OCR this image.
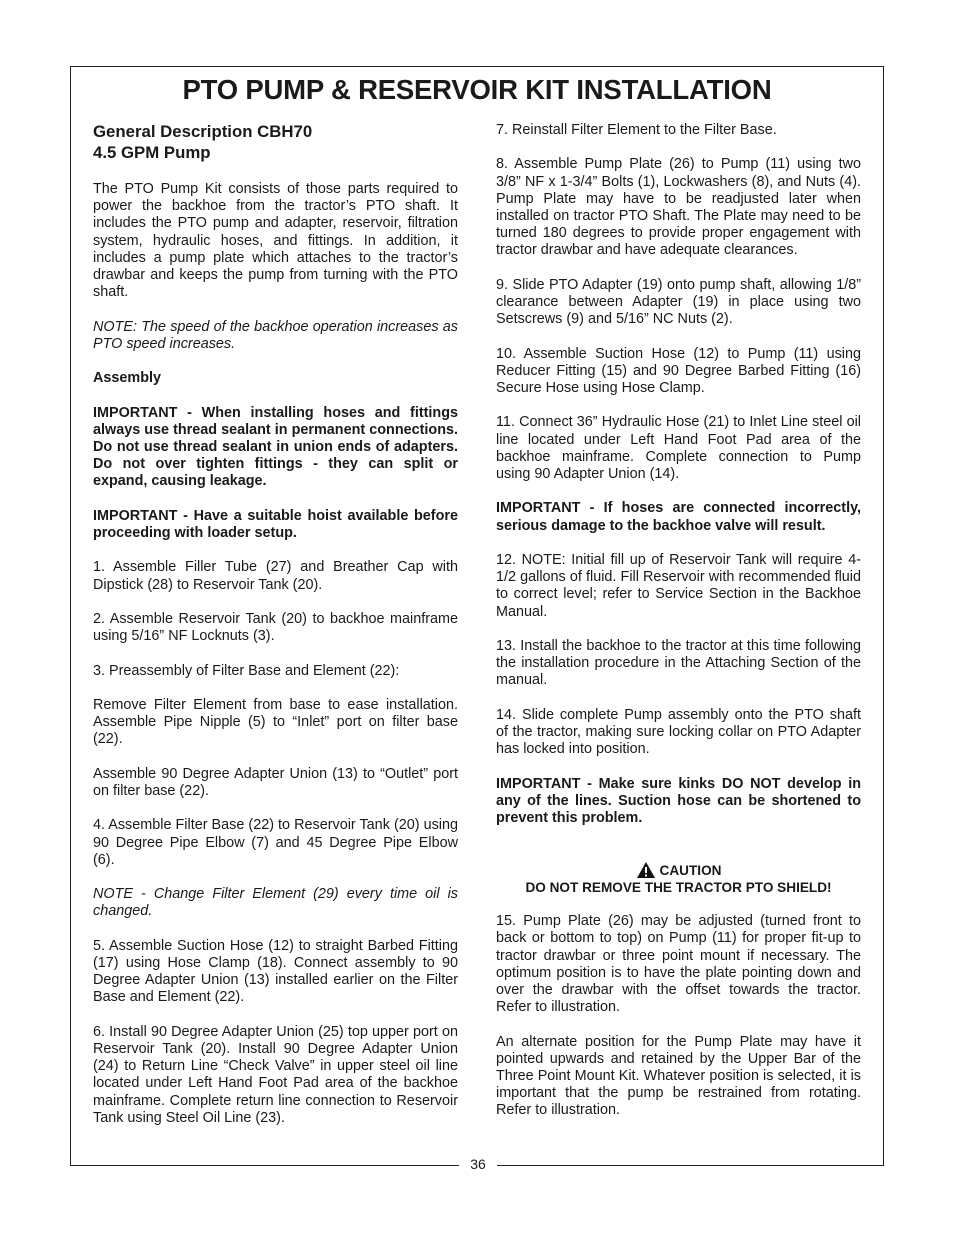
36
PTO PUMP & RESERVOIR KIT INSTALLATION
General Description CBH70
4.5 GPM Pump

The PTO Pump Kit consists of those parts required to power the backhoe from the tractor’s PTO shaft. It includes the PTO pump and adapter, reservoir, filtration system, hydraulic hoses, and fittings. In addition, it includes a pump plate which attaches to the tractor’s drawbar and keeps the pump from turning with the PTO shaft.

NOTE: The speed of the backhoe operation increases as PTO speed increases.

Assembly

IMPORTANT - When installing hoses and fittings always use thread sealant in permanent connections. Do not use thread sealant in union ends of adapters. Do not over tighten fittings - they can split or expand, causing leakage.

IMPORTANT - Have a suitable hoist available before proceeding with loader setup.

1. Assemble Filler Tube (27) and Breather Cap with Dipstick (28) to Reservoir Tank (20).

2. Assemble Reservoir Tank (20) to backhoe mainframe using 5/16” NF Locknuts (3).

3. Preassembly of Filter Base and Element (22):

Remove Filter Element from base to ease installation. Assemble Pipe Nipple (5) to “Inlet” port on filter base (22).

Assemble 90 Degree Adapter Union (13) to “Outlet” port on filter base (22).

4. Assemble Filter Base (22) to Reservoir Tank (20) using 90 Degree Pipe Elbow (7) and 45 Degree Pipe Elbow (6).

NOTE - Change Filter Element (29) every time oil is changed.

5. Assemble Suction Hose (12) to straight Barbed Fitting (17) using Hose Clamp (18). Connect assembly to 90 Degree Adapter Union (13) installed earlier on the Filter Base and Element (22).

6. Install 90 Degree Adapter Union (25) top upper port on Reservoir Tank (20). Install 90 Degree Adapter Union (24) to Return Line “Check Valve” in upper steel oil line located under Left Hand Foot Pad area of the backhoe mainframe. Complete return line connection to Reservoir Tank using Steel Oil Line (23).

7. Reinstall Filter Element to the Filter Base.

8. Assemble Pump Plate (26) to Pump (11) using two 3/8” NF x 1-3/4” Bolts (1), Lockwashers (8), and Nuts (4). Pump Plate may have to be readjusted later when installed on tractor PTO Shaft. The Plate may need to be turned 180 degrees to provide proper engagement with tractor drawbar and have adequate clearances.

9. Slide PTO Adapter (19) onto pump shaft, allowing 1/8” clearance between Adapter (19) in place using two Setscrews (9) and 5/16” NC Nuts (2).

10. Assemble Suction Hose (12) to Pump (11) using Reducer Fitting (15) and 90 Degree Barbed Fitting (16) Secure Hose using Hose Clamp.

11. Connect 36” Hydraulic Hose (21) to Inlet Line steel oil line located under Left Hand Foot Pad area of the backhoe mainframe. Complete connection to Pump using 90 Adapter Union (14).

IMPORTANT - If hoses are connected incorrectly, serious damage to the backhoe valve will result.

12. NOTE: Initial fill up of Reservoir Tank will require 4-1/2 gallons of fluid. Fill Reservoir with recommended fluid to correct level; refer to Service Section in the Backhoe Manual.

13. Install the backhoe to the tractor at this time following the installation procedure in the Attaching Section of the manual.

14. Slide complete Pump assembly onto the PTO shaft of the tractor, making sure locking collar on PTO Adapter has locked into position.

IMPORTANT - Make sure kinks DO NOT develop in any of the lines. Suction hose can be shortened to prevent this problem.

CAUTION
DO NOT REMOVE THE TRACTOR PTO SHIELD!

15. Pump Plate (26) may be adjusted (turned front to back or bottom to top) on Pump (11) for proper fit-up to tractor drawbar or three point mount if necessary. The optimum position is to have the plate pointing down and over the drawbar with the offset towards the tractor. Refer to illustration.

An alternate position for the Pump Plate may have it pointed upwards and retained by the Upper Bar of the Three Point Mount Kit. Whatever position is selected, it is important that the pump be restrained from rotating. Refer to illustration.
